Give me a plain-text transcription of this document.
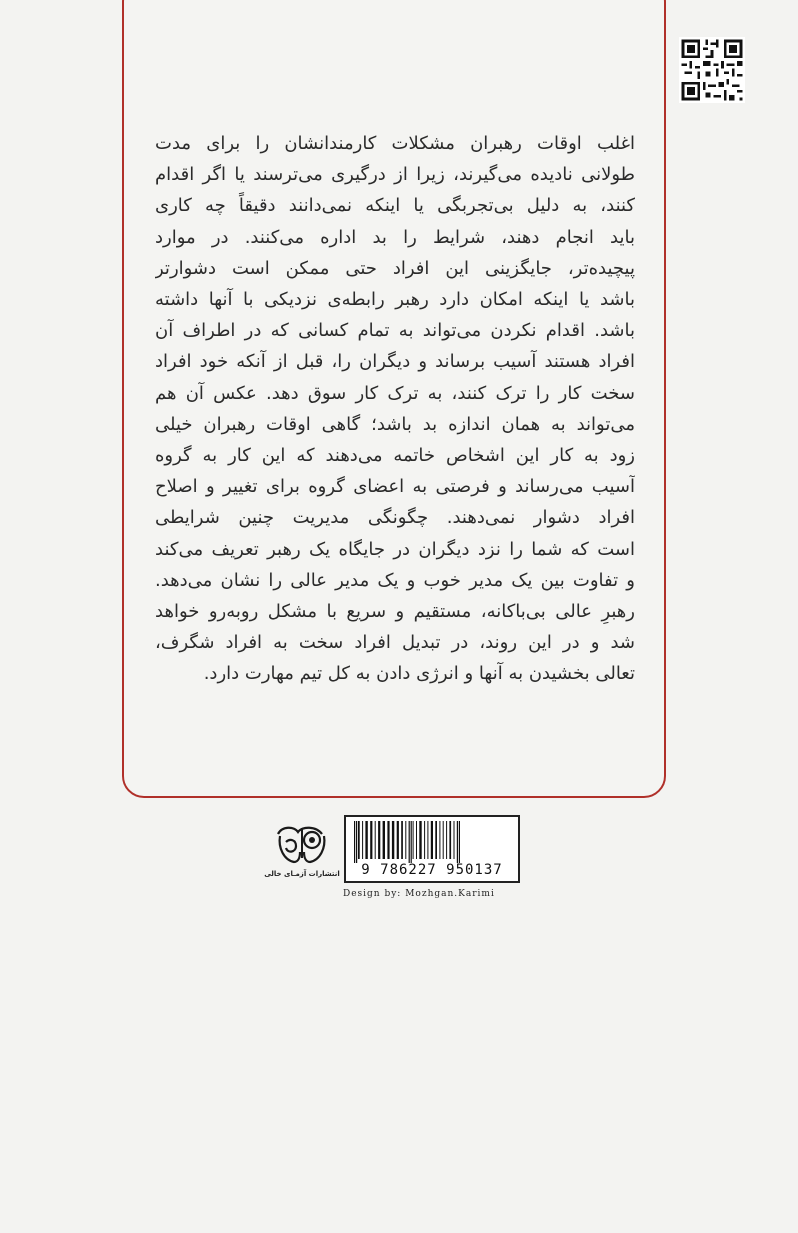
اغلب اوقات رهبران مشکلات کارمندانشان را برای مدت
طولانی نادیده می‌گیرند، زیرا از درگیری می‌ترسند یا اگر اقدام
کنند، به دلیل بی‌تجربگی یا اینکه نمی‌دانند دقیقاً چه کاری
باید انجام دهند، شرایط را بد اداره می‌کنند. در موارد
پیچیده‌تر، جایگزینی این افراد حتی ممکن است دشوارتر
باشد یا اینکه امکان دارد رهبر رابطه‌ی نزدیکی با آنها داشته
باشد. اقدام نکردن می‌تواند به تمام کسانی که در اطراف آن
افراد هستند آسیب برساند و دیگران را، قبل از آنکه خود افراد
سخت کار را ترک کنند، به ترک کار سوق دهد. عکس آن هم
می‌تواند به همان اندازه بد باشد؛ گاهی اوقات رهبران خیلی
زود به کار این اشخاص خاتمه می‌دهند که این کار به گروه
آسیب می‌رساند و فرصتی به اعضای گروه برای تغییر و اصلاح
افراد دشوار نمی‌دهند. چگونگی مدیریت چنین شرایطی
است که شما را نزد دیگران در جایگاه یک رهبر تعریف می‌کند
و تفاوت بین یک مدیر خوب و یک مدیر عالی را نشان می‌دهد.
رهبرِ عالی بی‌باکانه، مستقیم و سریع با مشکل روبه‌رو خواهد
شد و در این روند، در تبدیل افراد سخت به افراد شگرف،
تعالی بخشیدن به آنها و انرژی دادن به کل تیم مهارت دارد.
انتشارات آزمـای خالی	9 786227 950137
Design by: Mozhgan.Karimi
